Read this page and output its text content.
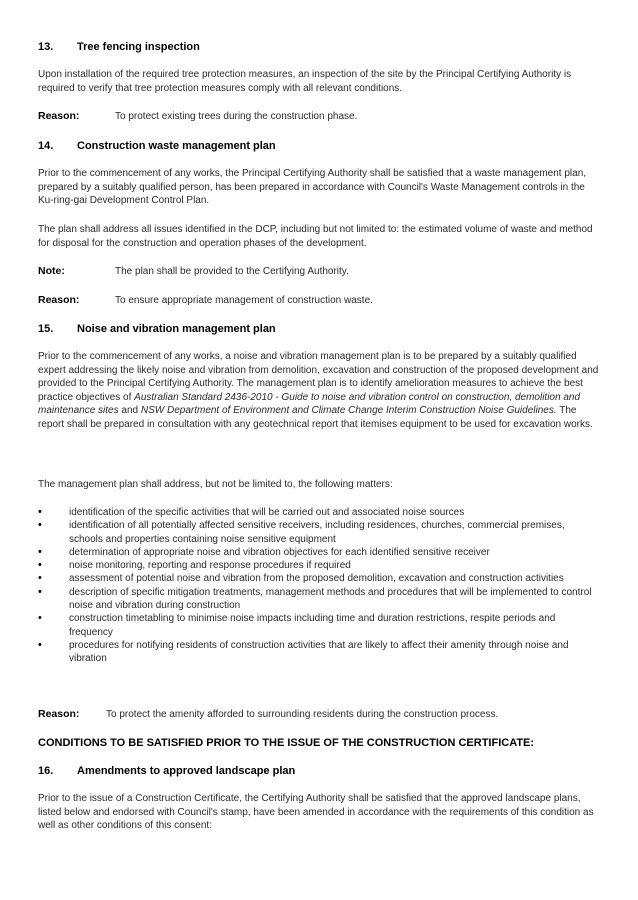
13. Tree fencing inspection

Upon installation of the required tree protection measures, an inspection of the site by the Principal Certifying Authority is required to verify that tree protection measures comply with all relevant conditions.

Reason:	To protect existing trees during the construction phase.

14. Construction waste management plan

Prior to the commencement of any works, the Principal Certifying Authority shall be satisfied that a waste management plan, prepared by a suitably qualified person, has been prepared in accordance with Council's Waste Management controls in the Ku-ring-gai Development Control Plan.

The plan shall address all issues identified in the DCP, including but not limited to: the estimated volume of waste and method for disposal for the construction and operation phases of the development.

Note:	The plan shall be provided to the Certifying Authority.
Reason:	To ensure appropriate management of construction waste.

15. Noise and vibration management plan

Prior to the commencement of any works, a noise and vibration management plan is to be prepared by a suitably qualified expert addressing the likely noise and vibration from demolition, excavation and construction of the proposed development and provided to the Principal Certifying Authority. The management plan is to identify amelioration measures to achieve the best practice objectives of Australian Standard 2436-2010 - Guide to noise and vibration control on construction, demolition and maintenance sites and NSW Department of Environment and Climate Change Interim Construction Noise Guidelines. The report shall be prepared in consultation with any geotechnical report that itemises equipment to be used for excavation works.

The management plan shall address, but not be limited to, the following matters:

• identification of the specific activities that will be carried out and associated noise sources
• identification of all potentially affected sensitive receivers, including residences, churches, commercial premises, schools and properties containing noise sensitive equipment
• determination of appropriate noise and vibration objectives for each identified sensitive receiver
• noise monitoring, reporting and response procedures if required
• assessment of potential noise and vibration from the proposed demolition, excavation and construction activities
• description of specific mitigation treatments, management methods and procedures that will be implemented to control noise and vibration during construction
• construction timetabling to minimise noise impacts including time and duration restrictions, respite periods and frequency
• procedures for notifying residents of construction activities that are likely to affect their amenity through noise and vibration
Reason:	To protect the amenity afforded to surrounding residents during the construction process.

CONDITIONS TO BE SATISFIED PRIOR TO THE ISSUE OF THE CONSTRUCTION CERTIFICATE:

16. Amendments to approved landscape plan

Prior to the issue of a Construction Certificate, the Certifying Authority shall be satisfied that the approved landscape plans, listed below and endorsed with Council's stamp, have been amended in accordance with the requirements of this condition as well as other conditions of this consent:
